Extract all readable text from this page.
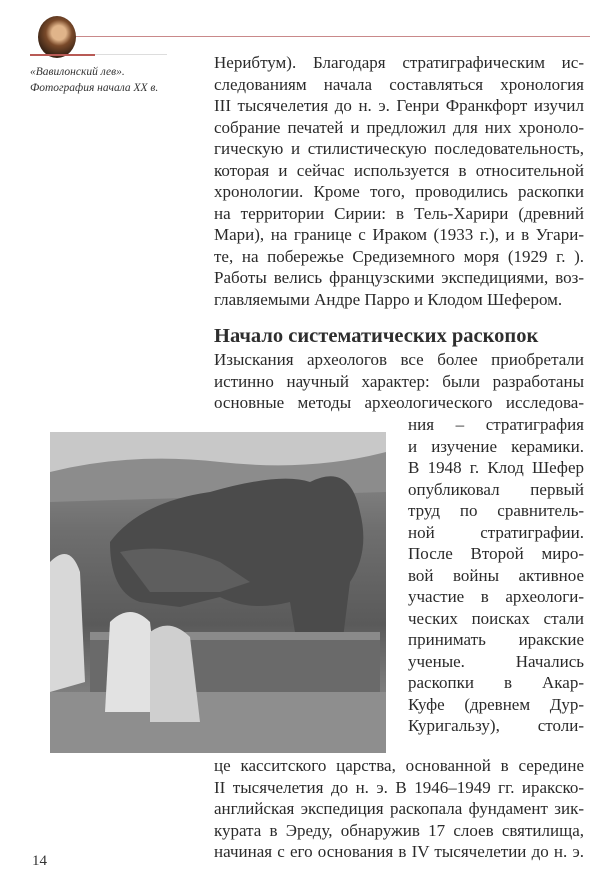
«Вавилонский лев». Фотография начала XX в.
Нерибтум). Благодаря стратиграфическим ис-
следованиям начала составляться хронология
III тысячелетия до н. э. Генри Франкфорт изучил
собрание печатей и предложил для них хроноло-
гическую и стилистическую последовательность,
которая и сейчас используется в относительной
хронологии. Кроме того, проводились раскопки
на территории Сирии: в Тель-Харири (древний
Мари), на границе с Ираком (1933 г.), и в Угари-
те, на побережье Средиземного моря (1929 г. ).
Работы велись французскими экспедициями, воз-
главляемыми Андре Парро и Клодом Шефером.
Начало систематических раскопок
Изыскания археологов все более приобретали
истинно научный характер: были разработаны
основные методы археологического исследова-
ния – стратиграфия
и изучение керамики.
В 1948 г. Клод Шефер
опубликовал первый
труд по сравнитель-
ной стратиграфии.
После Второй миро-
вой войны активное
участие в археологи-
ческих поисках стали
принимать иракские
ученые. Начались
раскопки в Акар-
Куфе (древнем Дур-
Куригальзу), столи-
це касситского царства, основанной в середине
II тысячелетия до н. э. В 1946–1949 гг. иракско-
английская экспедиция раскопала фундамент зик-
курата в Эреду, обнаружив 17 слоев святилища,
начиная с его основания в IV тысячелетии до н. э.
14
